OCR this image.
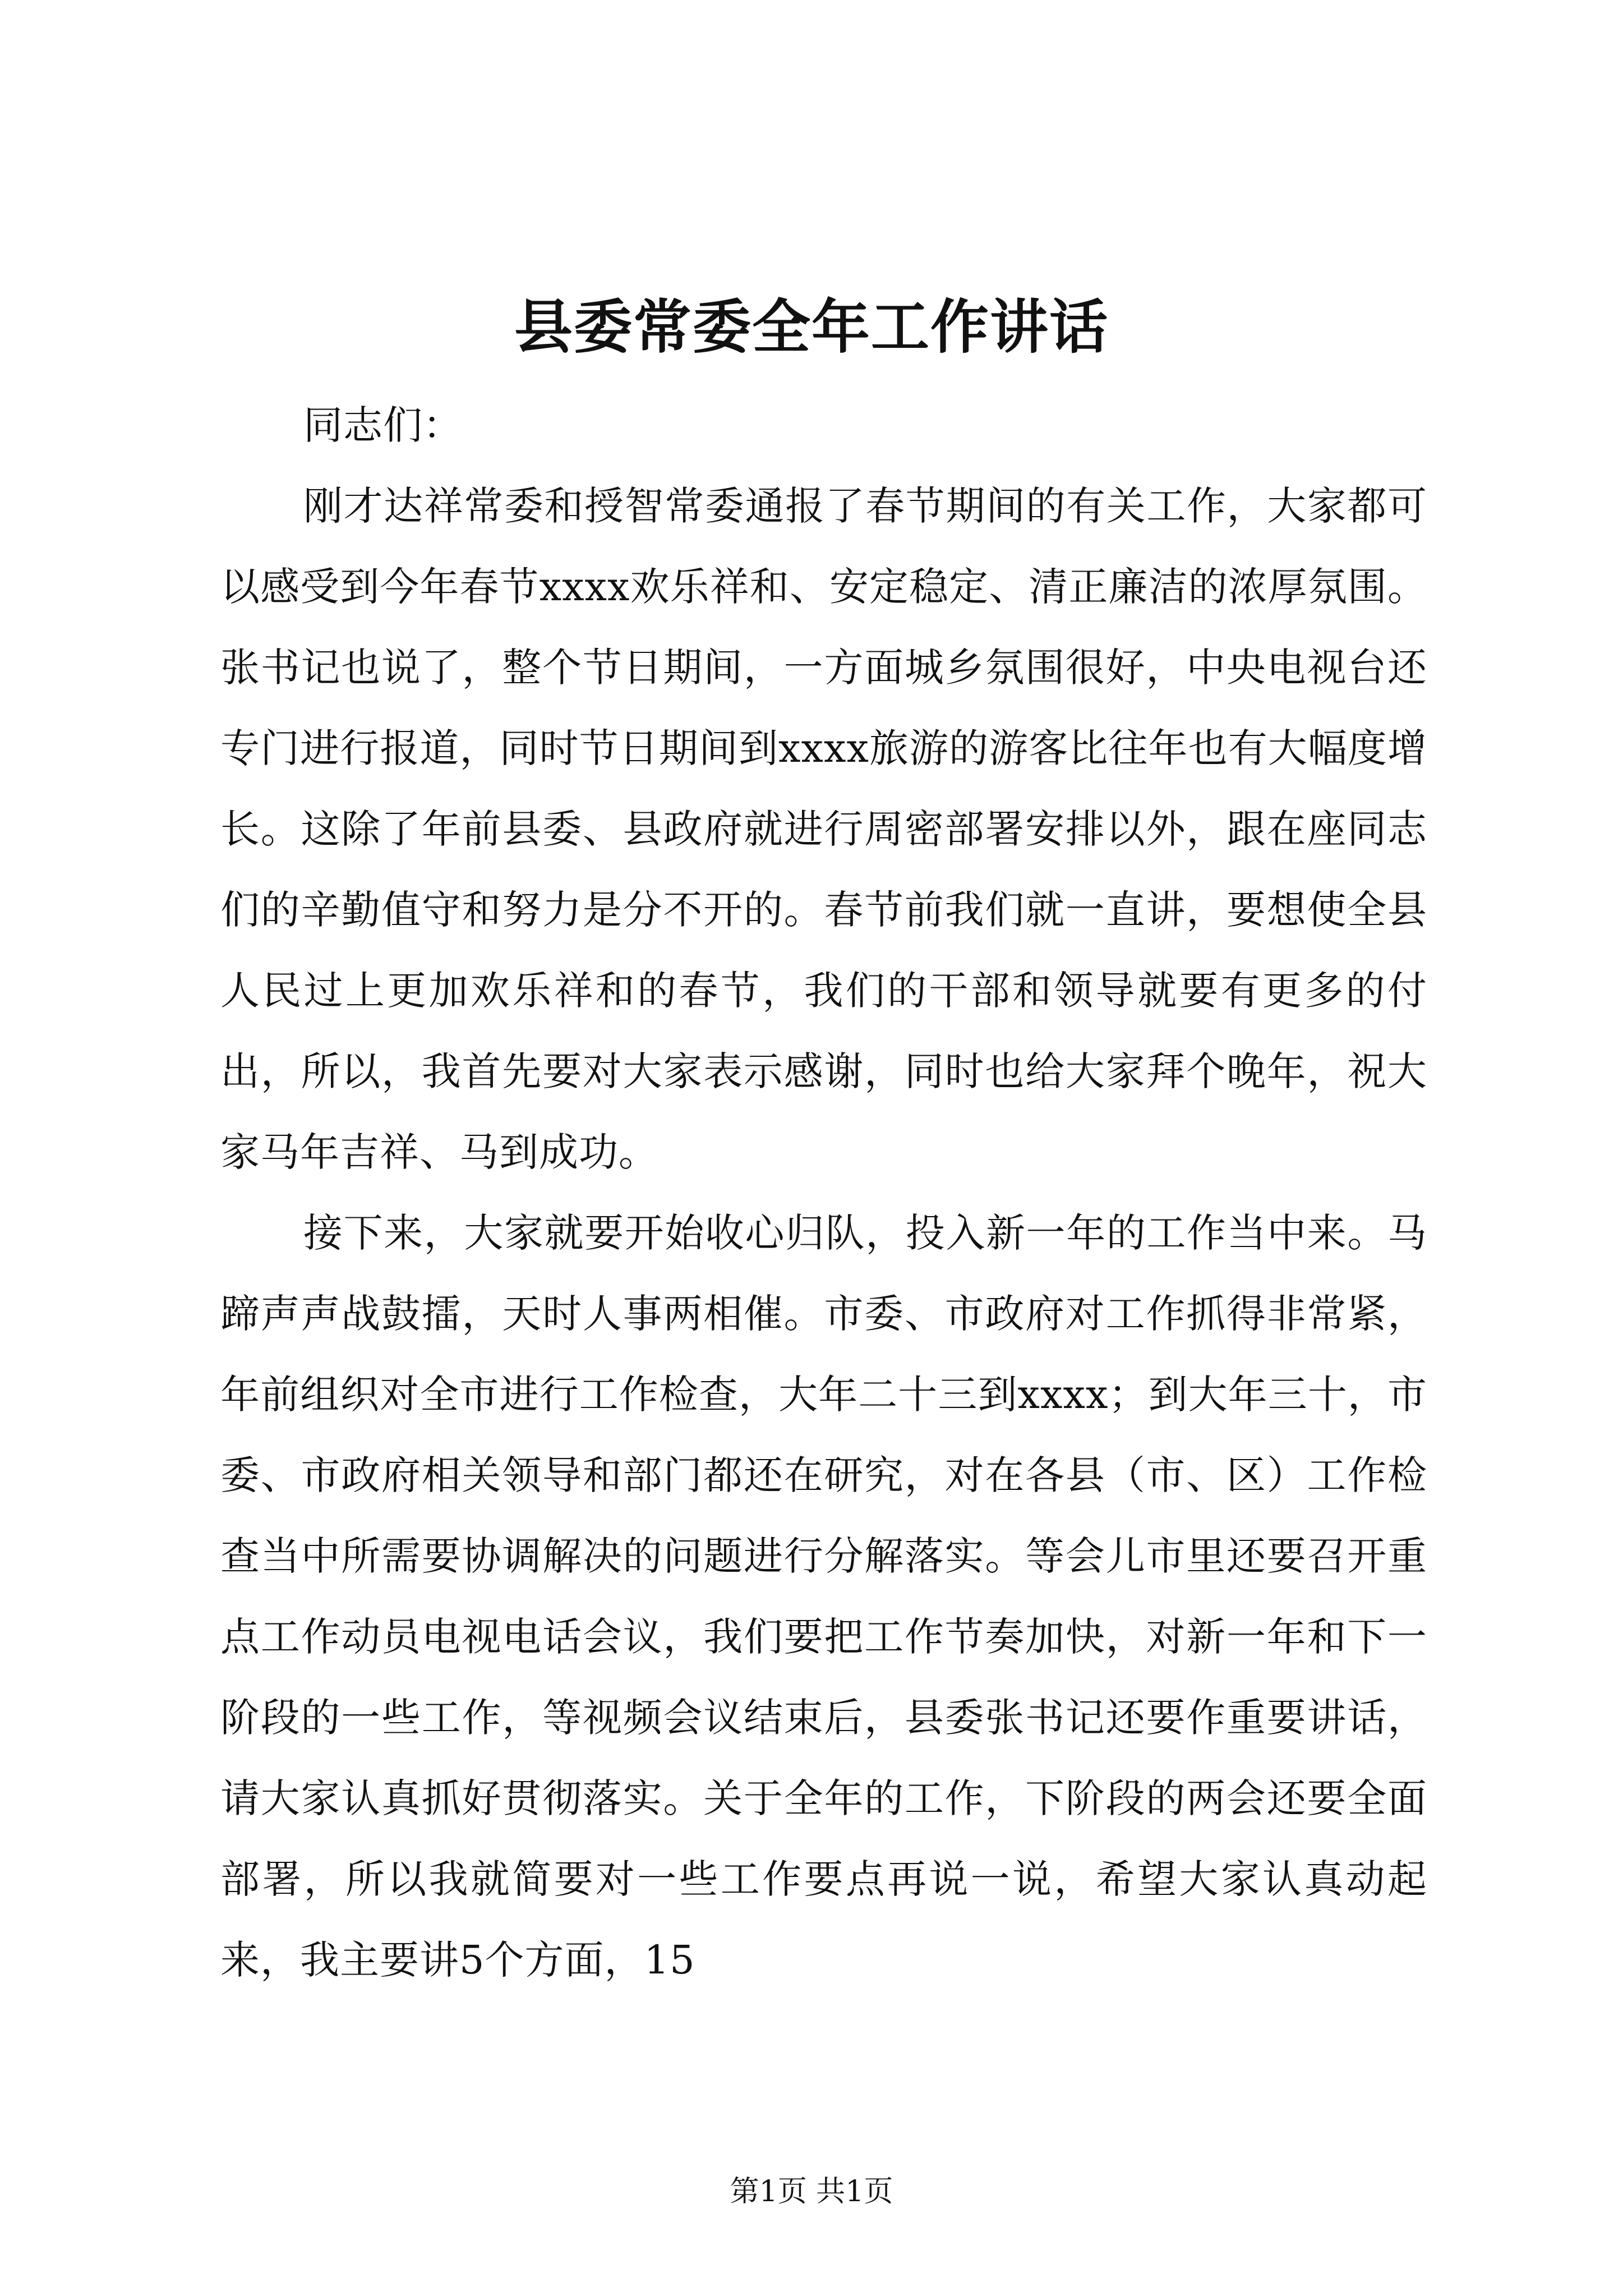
县委常委全年工作讲话

同志们：

刚才达祥常委和授智常委通报了春节期间的有关工作，大家都可以感受到今年春节xxxx欢乐祥和、安定稳定、清正廉洁的浓厚氛围。张书记也说了，整个节日期间，一方面城乡氛围很好，中央电视台还专门进行报道，同时节日期间到xxxx旅游的游客比往年也有大幅度增长。这除了年前县委、县政府就进行周密部署安排以外，跟在座同志们的辛勤值守和努力是分不开的。春节前我们就一直讲，要想使全县人民过上更加欢乐祥和的春节，我们的干部和领导就要有更多的付出，所以，我首先要对大家表示感谢，同时也给大家拜个晚年，祝大家马年吉祥、马到成功。

接下来，大家就要开始收心归队，投入新一年的工作当中来。马蹄声声战鼓擂，天时人事两相催。市委、市政府对工作抓得非常紧，年前组织对全市进行工作检查，大年二十三到xxxx；到大年三十，市委、市政府相关领导和部门都还在研究，对在各县（市、区）工作检查当中所需要协调解决的问题进行分解落实。等会儿市里还要召开重点工作动员电视电话会议，我们要把工作节奏加快，对新一年和下一阶段的一些工作，等视频会议结束后，县委张书记还要作重要讲话，请大家认真抓好贯彻落实。关于全年的工作，下阶段的两会还要全面部署，所以我就简要对一些工作要点再说一说，希望大家认真动起来，我主要讲5个方面，15

第1页 共1页
